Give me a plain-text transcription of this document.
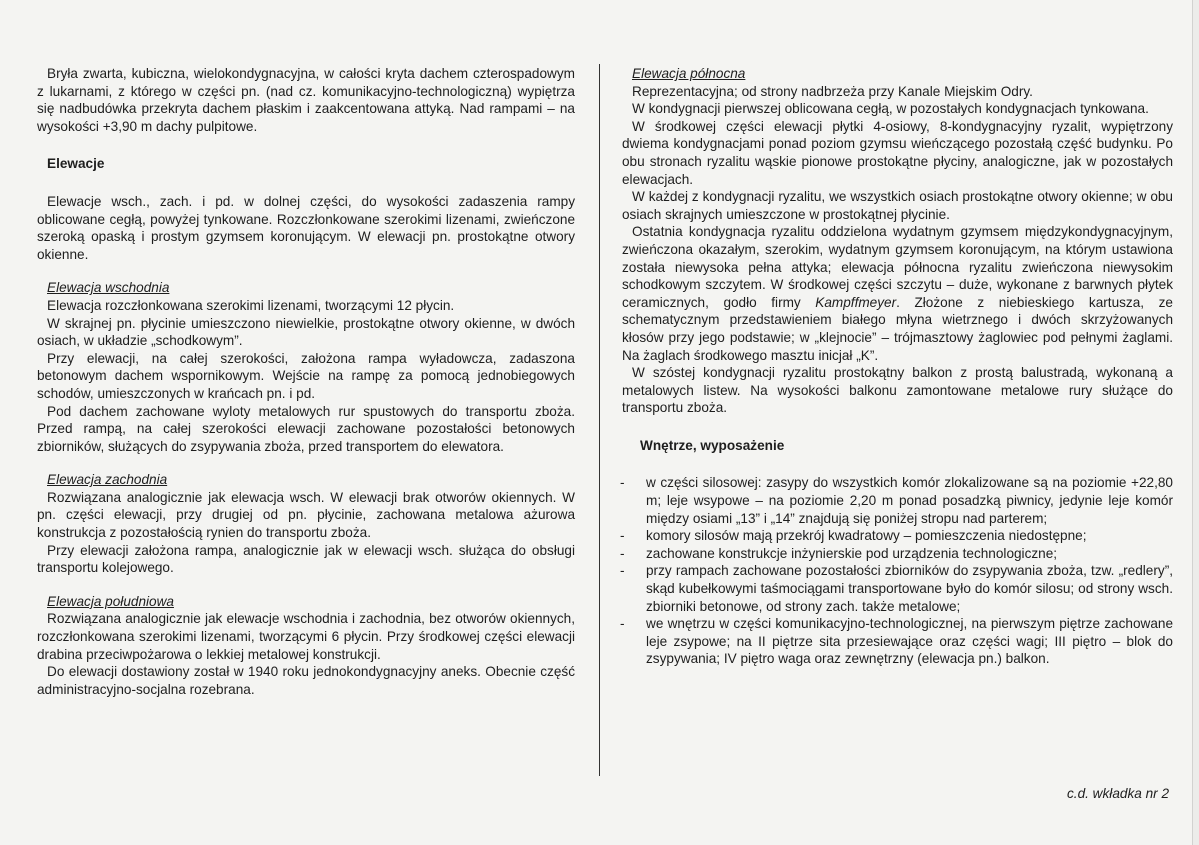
Bryła zwarta, kubiczna, wielokondygnacyjna, w całości kryta dachem czterospadowym z lukarnami, z którego w części pn. (nad cz. komunikacyjno-technologiczną) wypiętrza się nadbudówka przekryta dachem płaskim i zaakcentowana attyką. Nad rampami – na wysokości +3,90 m dachy pulpitowe.

Elewacje

Elewacje wsch., zach. i pd. w dolnej części, do wysokości zadaszenia rampy oblicowane cegłą, powyżej tynkowane. Rozczłonkowane szerokimi lizenami, zwieńczone szeroką opaską i prostym gzymsem koronującym. W elewacji pn. prostokątne otwory okienne.

Elewacja wschodnia

Elewacja rozczłonkowana szerokimi lizenami, tworzącymi 12 płycin.

W skrajnej pn. płycinie umieszczono niewielkie, prostokątne otwory okienne, w dwóch osiach, w układzie „schodkowym”.

Przy elewacji, na całej szerokości, założona rampa wyładowcza, zadaszona betonowym dachem wspornikowym. Wejście na rampę za pomocą jednobiegowych schodów, umieszczonych w krańcach pn. i pd.

Pod dachem zachowane wyloty metalowych rur spustowych do transportu zboża. Przed rampą, na całej szerokości elewacji zachowane pozostałości betonowych zbiorników, służących do zsypywania zboża, przed transportem do elewatora.

Elewacja zachodnia

Rozwiązana analogicznie jak elewacja wsch. W elewacji brak otworów okiennych. W pn. części elewacji, przy drugiej od pn. płycinie, zachowana metalowa ażurowa konstrukcja z pozostałością rynien do transportu zboża.

Przy elewacji założona rampa, analogicznie jak w elewacji wsch. służąca do obsługi transportu kolejowego.

Elewacja południowa

Rozwiązana analogicznie jak elewacje wschodnia i zachodnia, bez otworów okiennych, rozczłonkowana szerokimi lizenami, tworzącymi 6 płycin. Przy środkowej części elewacji drabina przeciwpożarowa o lekkiej metalowej konstrukcji.

Do elewacji dostawiony został w 1940 roku jednokondygnacyjny aneks. Obecnie część administracyjno-socjalna rozebrana.

Elewacja północna

Reprezentacyjna; od strony nadbrzeża przy Kanale Miejskim Odry.

W kondygnacji pierwszej oblicowana cegłą, w pozostałych kondygnacjach tynkowana.

W środkowej części elewacji płytki 4-osiowy, 8-kondygnacyjny ryzalit, wypiętrzony dwiema kondygnacjami ponad poziom gzymsu wieńczącego pozostałą część budynku. Po obu stronach ryzalitu wąskie pionowe prostokątne płyciny, analogiczne, jak w pozostałych elewacjach.

W każdej z kondygnacji ryzalitu, we wszystkich osiach prostokątne otwory okienne; w obu osiach skrajnych umieszczone w prostokątnej płycinie.

Ostatnia kondygnacja ryzalitu oddzielona wydatnym gzymsem międzykondygnacyjnym, zwieńczona okazałym, szerokim, wydatnym gzymsem koronującym, na którym ustawiona została niewysoka pełna attyka; elewacja północna ryzalitu zwieńczona niewysokim schodkowym szczytem. W środkowej części szczytu – duże, wykonane z barwnych płytek ceramicznych, godło firmy Kampffmeyer. Złożone z niebieskiego kartusza, ze schematycznym przedstawieniem białego młyna wietrznego i dwóch skrzyżowanych kłosów przy jego podstawie; w „klejnocie” – trójmasztowy żaglowiec pod pełnymi żaglami. Na żaglach środkowego masztu inicjał „K”.

W szóstej kondygnacji ryzalitu prostokątny balkon z prostą balustradą, wykonaną a metalowych listew. Na wysokości balkonu zamontowane metalowe rury służące do transportu zboża.

Wnętrze, wyposażenie

- w części silosowej: zasypy do wszystkich komór zlokalizowane są na poziomie +22,80 m; leje wsypowe – na poziomie 2,20 m ponad posadzką piwnicy, jedynie leje komór między osiami „13” i „14” znajdują się poniżej stropu nad parterem;
- komory silosów mają przekrój kwadratowy – pomieszczenia niedostępne;
- zachowane konstrukcje inżynierskie pod urządzenia technologiczne;
- przy rampach zachowane pozostałości zbiorników do zsypywania zboża, tzw. „redlery”, skąd kubełkowymi taśmociągami transportowane było do komór silosu; od strony wsch. zbiorniki betonowe, od strony zach. także metalowe;
- we wnętrzu w części komunikacyjno-technologicznej, na pierwszym piętrze zachowane leje zsypowe; na II piętrze sita przesiewające oraz części wagi; III piętro – blok do zsypywania; IV piętro waga oraz zewnętrzny (elewacja pn.) balkon.
c.d. wkładka nr 2
